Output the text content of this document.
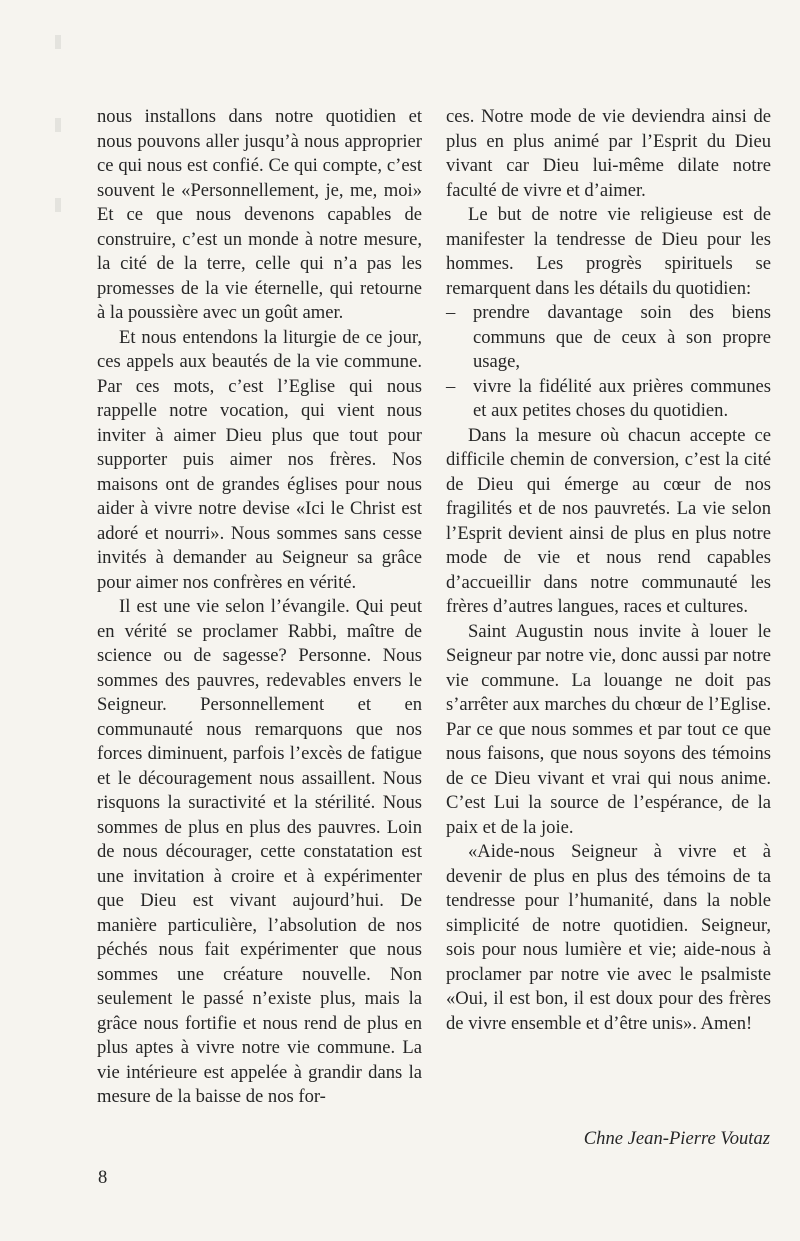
nous installons dans notre quotidien et nous pouvons aller jusqu’à nous approprier ce qui nous est confié. Ce qui compte, c’est souvent le «Personnellement, je, me, moi» Et ce que nous devenons capables de construire, c’est un monde à notre mesure, la cité de la terre, celle qui n’a pas les promesses de la vie éternelle, qui retourne à la poussière avec un goût amer.

Et nous entendons la liturgie de ce jour, ces appels aux beautés de la vie commune. Par ces mots, c’est l’Eglise qui nous rappelle notre vocation, qui vient nous inviter à aimer Dieu plus que tout pour supporter puis aimer nos frères. Nos maisons ont de grandes églises pour nous aider à vivre notre devise «Ici le Christ est adoré et nourri». Nous sommes sans cesse invités à demander au Seigneur sa grâce pour aimer nos confrères en vérité.

Il est une vie selon l’évangile. Qui peut en vérité se proclamer Rabbi, maître de science ou de sagesse? Personne. Nous sommes des pauvres, redevables envers le Seigneur. Personnellement et en communauté nous remarquons que nos forces diminuent, parfois l’excès de fatigue et le découragement nous assaillent. Nous risquons la suractivité et la stérilité. Nous sommes de plus en plus des pauvres. Loin de nous décourager, cette constatation est une invitation à croire et à expérimenter que Dieu est vivant aujourd’hui. De manière particulière, l’absolution de nos péchés nous fait expérimenter que nous sommes une créature nouvelle. Non seulement le passé n’existe plus, mais la grâce nous fortifie et nous rend de plus en plus aptes à vivre notre vie commune. La vie intérieure est appelée à grandir dans la mesure de la baisse de nos for-

ces. Notre mode de vie deviendra ainsi de plus en plus animé par l’Esprit du Dieu vivant car Dieu lui-même dilate notre faculté de vivre et d’aimer.

Le but de notre vie religieuse est de manifester la tendresse de Dieu pour les hommes. Les progrès spirituels se remarquent dans les détails du quotidien:

– prendre davantage soin des biens communs que de ceux à son propre usage,
– vivre la fidélité aux prières communes et aux petites choses du quotidien.

Dans la mesure où chacun accepte ce difficile chemin de conversion, c’est la cité de Dieu qui émerge au cœur de nos fragilités et de nos pauvretés. La vie selon l’Esprit devient ainsi de plus en plus notre mode de vie et nous rend capables d’accueillir dans notre communauté les frères d’autres langues, races et cultures.

Saint Augustin nous invite à louer le Seigneur par notre vie, donc aussi par notre vie commune. La louange ne doit pas s’arrêter aux marches du chœur de l’Eglise. Par ce que nous sommes et par tout ce que nous faisons, que nous soyons des témoins de ce Dieu vivant et vrai qui nous anime. C’est Lui la source de l’espérance, de la paix et de la joie.

«Aide-nous Seigneur à vivre et à devenir de plus en plus des témoins de ta tendresse pour l’humanité, dans la noble simplicité de notre quotidien. Seigneur, sois pour nous lumière et vie; aide-nous à proclamer par notre vie avec le psalmiste «Oui, il est bon, il est doux pour des frères de vivre ensemble et d’être unis». Amen!

Chne Jean-Pierre Voutaz
8
